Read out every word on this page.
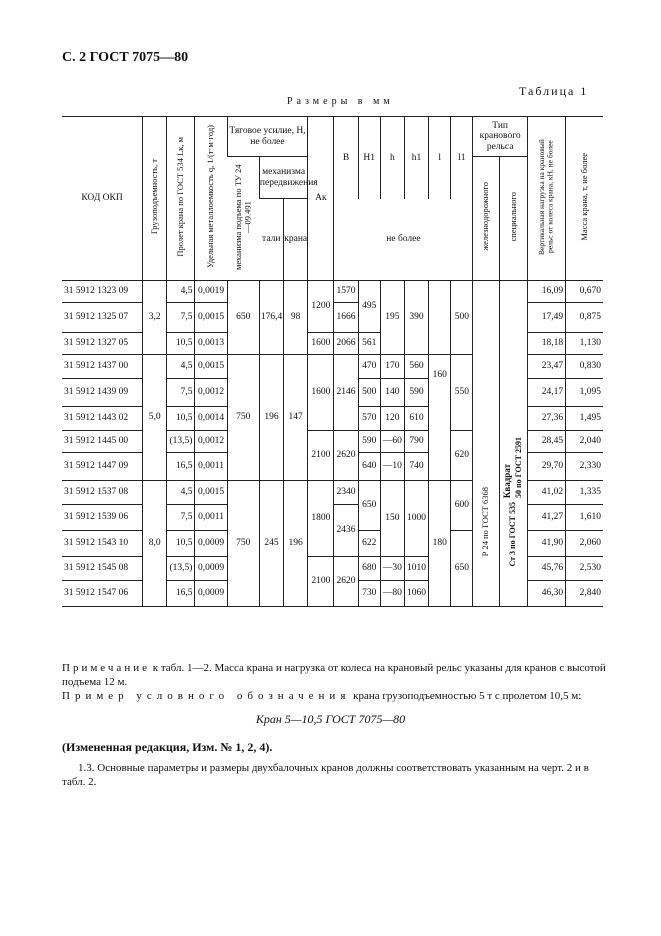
С. 2 ГОСТ 7075—80
Таблица 1
Размеры в мм
КОД ОКП	Грузоподъемность, т	Пролет крана по ГОСТ 534 Lк, м	Удельная металлоемкость q, 1/(т·м·год)	Тяговое усилие, Н, не более			Aк	B	H1	h	h1	l	l1	Тип кранового рельса		Вертикальная нагрузка на крановый рельс от колеса крана, кН, не более	Масса крана, т, не более
				механизма подъема по ТУ 24—09.491	механизма передвижения									железнодорожного	специального		
					тали	крана		не более									
31 5912 1323 09	3,2	4,5	0,0019	650	176,4	98	1200	1570	495	195	390		500	Р 24 по ГОСТ 6368	Квадрат 50 по ГОСТ 2591 Ст 3 по ГОСТ 535	16,09	0,670
31 5912 1325 07		7,5	0,0015					1666								17,49	0,875
31 5912 1327 05		10,5	0,0013				1600	2066	561							18,18	1,130
31 5912 1437 00	5,0	4,5	0,0015	750	196	147	1600	2146	470	170	560	160	550			23,47	0,830
31 5912 1439 09		7,5	0,0012						500	140	590					24,17	1,095
31 5912 1443 02		10,5	0,0014						570	120	610					27,36	1,495
31 5912 1445 00		(13,5)	0,0012				2100	2620	590	—60	790		620			28,45	2,040
31 5912 1447 09		16,5	0,0011						640	—10	740					29,70	2,330
31 5912 1537 08	8,0	4,5	0,0015	750	245	196	1800	2340	650	150	1000	180	600			41,02	1,335
31 5912 1539 06		7,5	0,0011					2436								41,27	1,610
31 5912 1543 10		10,5	0,0009						622				650			41,90	2,060
31 5912 1545 08		(13,5)	0,0009				2100	2620	680	—30	1010					45,76	2,530
31 5912 1547 06		16,5	0,0009						730	—80	1060					46,30	2,840
Примечание к табл. 1—2. Масса крана и нагрузка от колеса на крановый рельс указаны для кранов с высотой подъема 12 м.
Пример условного обозначения крана грузоподъемностью 5 т с пролетом 10,5 м:
Кран 5—10,5 ГОСТ 7075—80
(Измененная редакция, Изм. № 1, 2, 4).
1.3. Основные параметры и размеры двухбалочных кранов должны соответствовать указанным на черт. 2 и в табл. 2.
